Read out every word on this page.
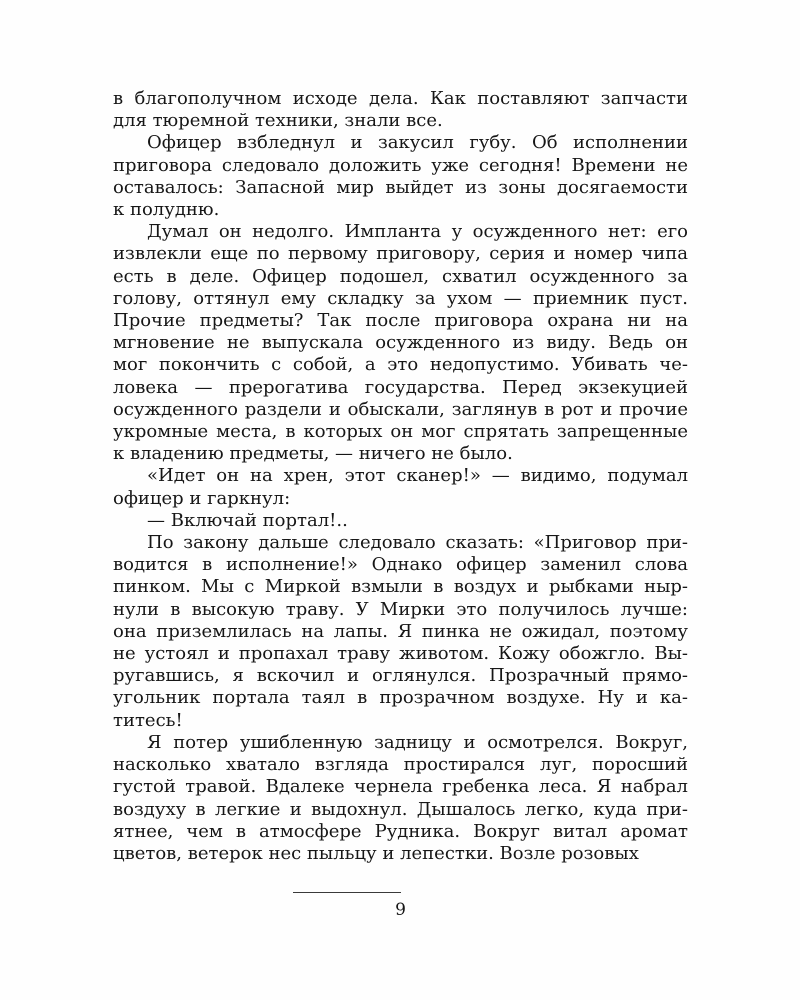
в благополучном исходе дела. Как поставляют запчасти
для тюремной техники, знали все.
Офицер взбледнул и закусил губу. Об исполнении
приговора следовало доложить уже сегодня! Времени не
оставалось: Запасной мир выйдет из зоны досягаемости
к полудню.
Думал он недолго. Импланта у осужденного нет: его
извлекли еще по первому приговору, серия и номер чипа
есть в деле. Офицер подошел, схватил осужденного за
голову, оттянул ему складку за ухом — приемник пуст.
Прочие предметы? Так после приговора охрана ни на
мгновение не выпускала осужденного из виду. Ведь он
мог покончить с собой, а это недопустимо. Убивать че-
ловека — прерогатива государства. Перед экзекуцией
осужденного раздели и обыскали, заглянув в рот и прочие
укромные места, в которых он мог спрятать запрещенные
к владению предметы, — ничего не было.
«Идет он на хрен, этот сканер!» — видимо, подумал
офицер и гаркнул:
— Включай портал!..
По закону дальше следовало сказать: «Приговор при-
водится в исполнение!» Однако офицер заменил слова
пинком. Мы с Миркой взмыли в воздух и рыбками ныр-
нули в высокую траву. У Мирки это получилось лучше:
она приземлилась на лапы. Я пинка не ожидал, поэтому
не устоял и пропахал траву животом. Кожу обожгло. Вы-
ругавшись, я вскочил и оглянулся. Прозрачный прямо-
угольник портала таял в прозрачном воздухе. Ну и ка-
титесь!
Я потер ушибленную задницу и осмотрелся. Вокруг,
насколько хватало взгляда простирался луг, поросший
густой травой. Вдалеке чернела гребенка леса. Я набрал
воздуху в легкие и выдохнул. Дышалось легко, куда при-
ятнее, чем в атмосфере Рудника. Вокруг витал аромат
цветов, ветерок нес пыльцу и лепестки. Возле розовых
9
